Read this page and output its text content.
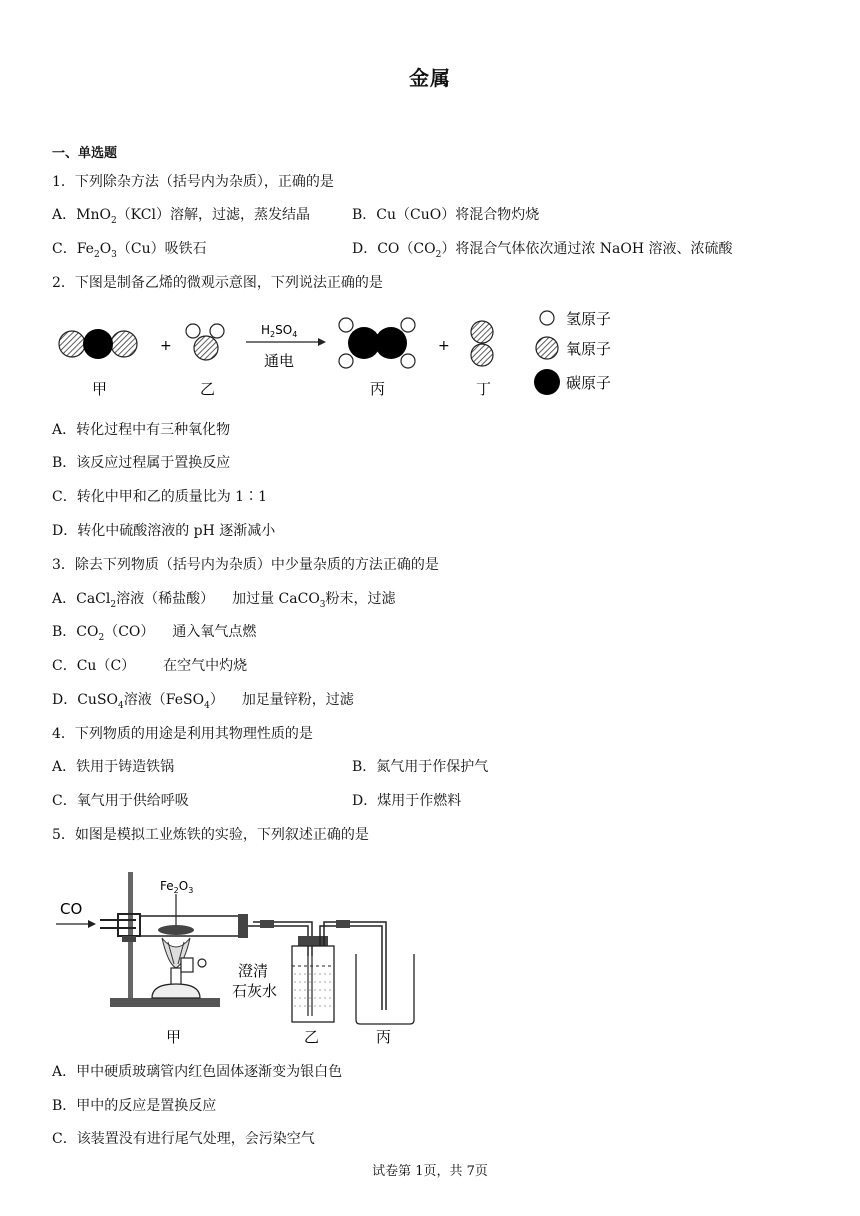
金属
一、单选题
1．下列除杂方法（括号内为杂质），正确的是
A．MnO$_2$（KCl）溶解，过滤，蒸发结晶	B．Cu（CuO）将混合物灼烧
C．$Fe_2O_3(Cu)$吸铁石	D．$CO(CO_2)$将混合气体依次通过浓 NaOH 溶液、浓硫酸
2．下图是制备乙烯的微观示意图，下列说法正确的是
+
$H_2SO_4$
通电
+
甲	乙	丙	丁
氢原子
氧原子
碳原子
A．转化过程中有三种氧化物
B．该反应过程属于置换反应
C．转化中甲和乙的质量比为 1∶1
D．转化中硫酸溶液的 pH 逐渐减小
3．除去下列物质（括号内为杂质）中少量杂质的方法正确的是
A．CaCl$_2$溶液（稀盐酸） 加过量 CaCO$_3$粉末，过滤
B．$CO_2(CO)$ 通入氧气点燃
C．Cu（C） 在空气中灼烧
D．CuSO$_4$溶液（FeSO$_4$） 加足量锌粉，过滤
4．下列物质的用途是利用其物理性质的是
A．铁用于铸造铁锅	B．氮气用于作保护气
C．氧气用于供给呼吸	D．煤用于作燃料
5．如图是模拟工业炼铁的实验，下列叙述正确的是
CO
$Fe_2O_3$
澄清
石灰水
甲	乙	丙
A．甲中硬质玻璃管内红色固体逐渐变为银白色
B．甲中的反应是置换反应
C．该装置没有进行尾气处理，会污染空气
试卷第 1页，共 7页
